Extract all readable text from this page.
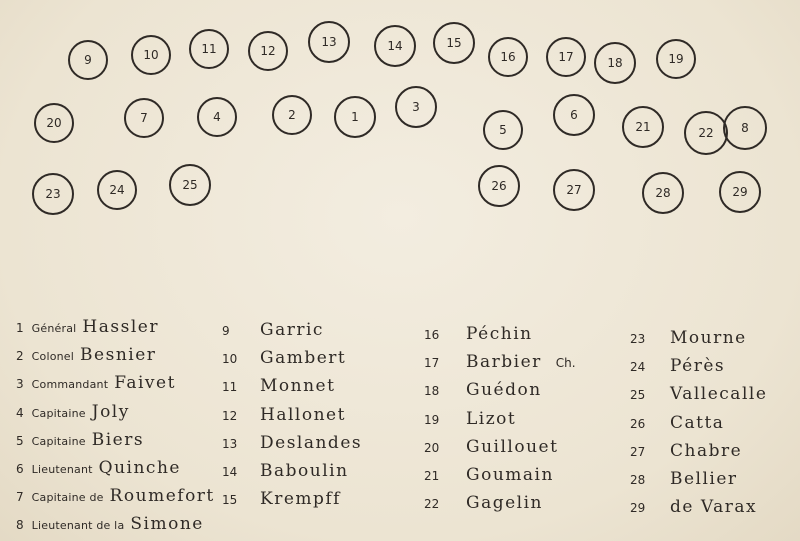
9	10	11	12
13	14	15
16	17	18	19
20	7	4	2	1
3
5
6
21	22	8
23	24	25	26	27	28	29
1 Général Hassler
2 Colonel Besnier
3 Commandant Faivet
4 Capitaine Joly
5 Capitaine Biers
6 Lieutenant Quinche
7 Capitaine de Roumefort
8 Lieutenant de la Simone
9 Garric
10 Gambert
11 Monnet
12 Hallonet
13 Deslandes
14 Baboulin
15 Krempff
16 Péchin
17 Barbier Ch.
18 Guédon
19 Lizot
20 Guillouet
21 Goumain
22 Gagelin
23 Mourne
24 Pérès
25 Vallecalle
26 Catta
27 Chabre
28 Bellier
29 de Varax
